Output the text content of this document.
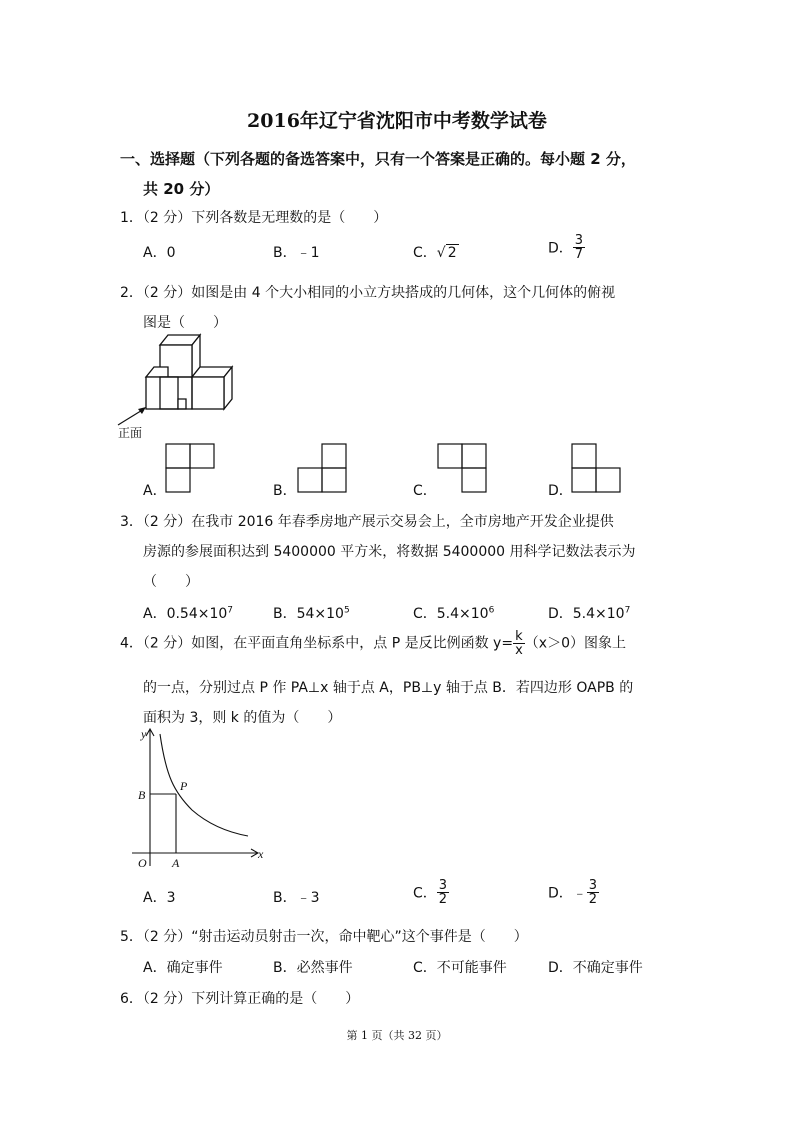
2016年辽宁省沈阳市中考数学试卷
一、选择题（下列各题的备选答案中，只有一个答案是正确的。每小题 2 分，
共 20 分）
1．（2 分）下列各数是无理数的是（　　）
A．0	B．﹣1	C．√ 2	D． $\frac{3}{7}$
2．（2 分）如图是由 4 个大小相同的小立方块搭成的几何体，这个几何体的俯视
图是（　　）
正面
A．	B．	C．	D．
3．（2 分）在我市 2016 年春季房地产展示交易会上，全市房地产开发企业提供
房源的参展面积达到 5400000 平方米，将数据 5400000 用科学记数法表示为
（　　）
A．$0.54\times 10^7$	B．$54\times 10^5$	C．$5.4\times 10^6$	D．$5.4\times 10^7$
4．（2 分）如图，在平面直角坐标系中，点 P 是反比例函数 $y= \frac{k}{x} (x>0)$图象上
的一点，分别过点 P 作 PA⊥x 轴于点 A，PB⊥y 轴于点 B．若四边形 OAPB 的
面积为 3，则 k 的值为（　　）
y
x
O A
B
P
A．3	B．﹣3	C． $\frac{3}{2}$	D．﹣ $\frac{3}{2}$
5．（2 分）“射击运动员射击一次，命中靶心”这个事件是（　　）
A．确定事件	B．必然事件	C．不可能事件	D．不确定事件
6．（2 分）下列计算正确的是（　　）
第 1 页（共 32 页）
